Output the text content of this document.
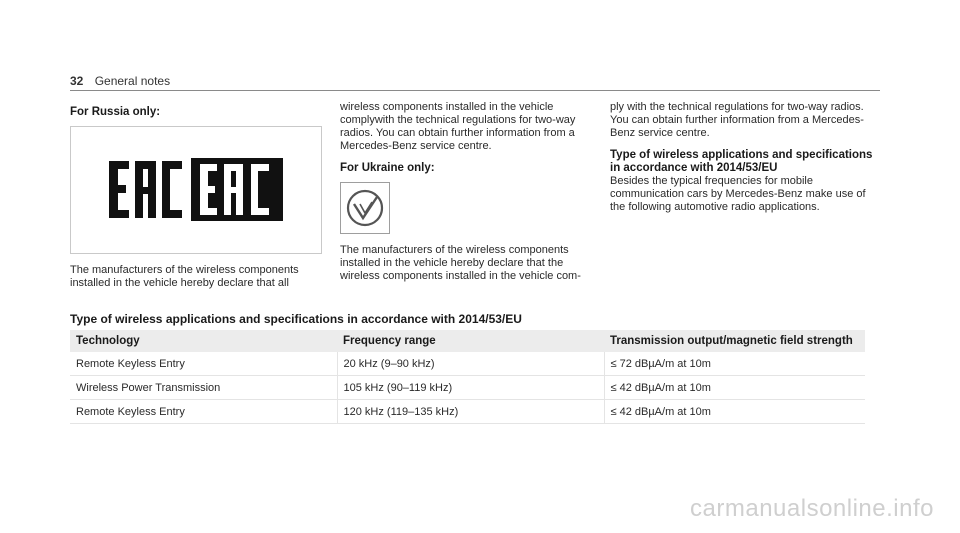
32 General notes

For Russia only:

The manufacturers of the wireless components installed in the vehicle hereby declare that all

wireless components installed in the vehicle complywith the technical regulations for two-way radios. You can obtain further information from a Mercedes-Benz service centre.

For Ukraine only:

The manufacturers of the wireless components installed in the vehicle hereby declare that the wireless components installed in the vehicle com-

ply with the technical regulations for two-way radios. You can obtain further information from a Mercedes-Benz service centre.

Type of wireless applications and specifications in accordance with 2014/53/EU

Besides the typical frequencies for mobile communication cars by Mercedes-Benz make use of the following automotive radio applications.

Type of wireless applications and specifications in accordance with 2014/53/EU
Technology	Frequency range	Transmission output/magnetic field strength
Remote Keyless Entry	20 kHz (9–90 kHz)	≤ 72 dBµA/m at 10m
Wireless Power Transmission	105 kHz (90–119 kHz)	≤ 42 dBµA/m at 10m
Remote Keyless Entry	120 kHz (119–135 kHz)	≤ 42 dBµA/m at 10m
carmanualsonline.info
